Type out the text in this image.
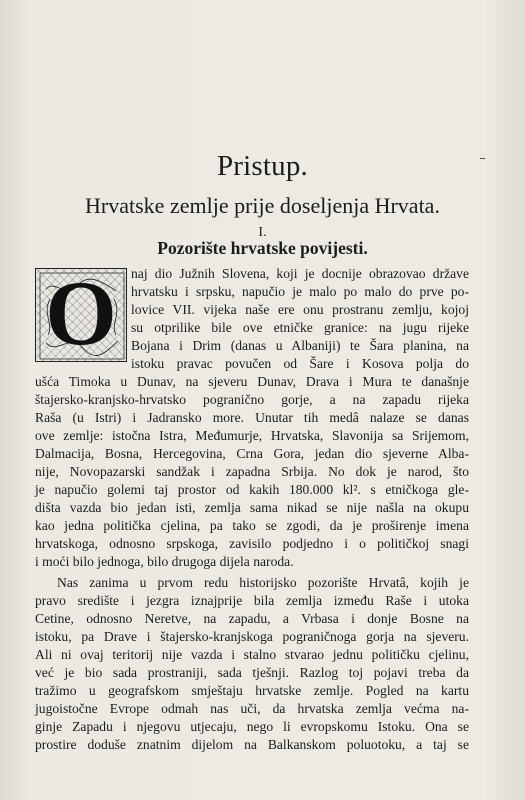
Pristup.
Hrvatske zemlje prije doseljenja Hrvata.
I.
Pozorište hrvatske povijesti.
O	naj dio Južnih Slovena, koji je docnije obrazovao države
hrvatsku i srpsku, napučio je malo po malo do prve po-
lovice VII. vijeka naše ere onu prostranu zemlju, kojoj
su otprilike bile ove etničke granice: na jugu rijeke
Bojana i Drim (danas u Albaniji) te Šara planina, na
istoku pravac povučen od Šare i Kosova polja do
ušća Timoka u Dunav, na sjeveru Dunav, Drava i Mura te današnje
štajersko-kranjsko-hrvatsko pogranično gorje, a na zapadu rijeka
Raša (u Istri) i Jadransko more. Unutar tih medâ nalaze se danas
ove zemlje: istočna Istra, Međumurje, Hrvatska, Slavonija sa Srijemom,
Dalmacija, Bosna, Hercegovina, Crna Gora, jedan dio sjeverne Alba-
nije, Novopazarski sandžak i zapadna Srbija. No dok je narod, što
je napučio golemi taj prostor od kakih 180.000 kl². s etničkoga gle-
dišta vazda bio jedan isti, zemlja sama nikad se nije našla na okupu
kao jedna politička cjelina, pa tako se zgodi, da je proširenje imena
hrvatskoga, odnosno srpskoga, zavisilo podjedno i o političkoj snagi
i moći bilo jednoga, bilo drugoga dijela naroda.
Nas zanima u prvom redu historijsko pozorište Hrvatâ, kojih je
pravo središte i jezgra iznajprije bila zemlja između Raše i utoka
Cetine, odnosno Neretve, na zapadu, a Vrbasa i donje Bosne na
istoku, pa Drave i štajersko-kranjskoga pograničnoga gorja na sjeveru.
Ali ni ovaj teritorij nije vazda i stalno stvarao jednu političku cjelinu,
već je bio sada prostraniji, sada tješnji. Razlog toj pojavi treba da
tražimo u geografskom smještaju hrvatske zemlje. Pogled na kartu
jugoistočne Evrope odmah nas uči, da hrvatska zemlja većma na-
ginje Zapadu i njegovu utjecaju, nego li evropskomu Istoku. Ona se
prostire doduše znatnim dijelom na Balkanskom poluotoku, a taj se
